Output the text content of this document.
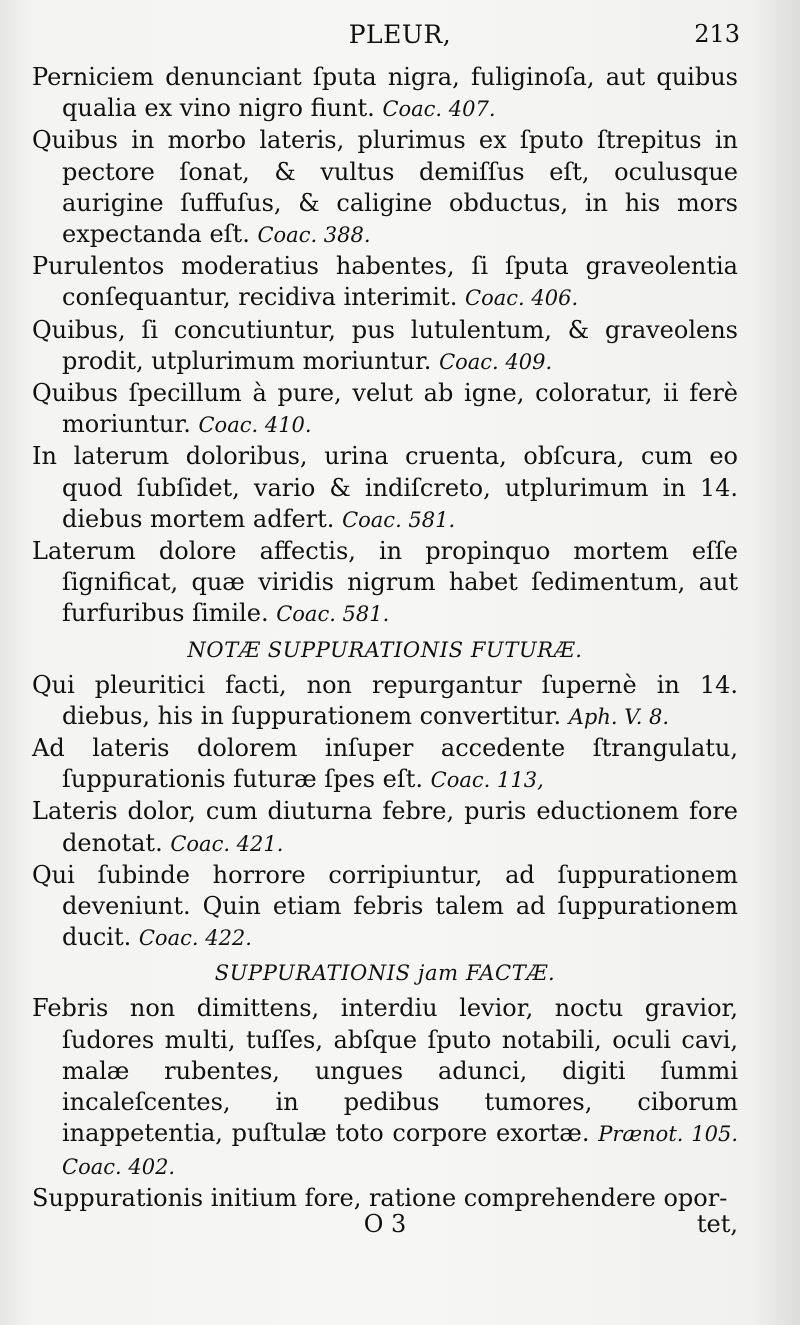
PLEUR,	213

Perniciem denunciant ſputa nigra, fuliginoſa, aut quibus qualia ex vino nigro fiunt. Coac. 407.

Quibus in morbo lateris, plurimus ex ſputo ſtrepitus in pectore ſonat, & vultus demiſſus eſt, oculusque aurigine ſuffuſus, & caligine obductus, in his mors expectanda eſt. Coac. 388.

Purulentos moderatius habentes, ſi ſputa graveolentia conſequantur, recidiva interimit. Coac. 406.

Quibus, ſi concutiuntur, pus lutulentum, & graveolens prodit, utplurimum moriuntur. Coac. 409.

Quibus ſpecillum à pure, velut ab igne, coloratur, ii ferè moriuntur. Coac. 410.

In laterum doloribus, urina cruenta, obſcura, cum eo quod ſubſidet, vario & indiſcreto, utplurimum in 14. diebus mortem adfert. Coac. 581.

Laterum dolore affectis, in propinquo mortem eſſe ſignificat, quæ viridis nigrum habet ſedimentum, aut furfuribus ſimile. Coac. 581.

NOTÆ SUPPURATIONIS FUTURÆ.

Qui pleuritici facti, non repurgantur ſupernè in 14. diebus, his in ſuppurationem convertitur. Aph. V. 8.

Ad lateris dolorem inſuper accedente ſtrangulatu, ſuppurationis futuræ ſpes eſt. Coac. 113,

Lateris dolor, cum diuturna febre, puris eductionem fore denotat. Coac. 421.

Qui ſubinde horrore corripiuntur, ad ſuppurationem deveniunt. Quin etiam febris talem ad ſuppurationem ducit. Coac. 422.

SUPPURATIONIS jam FACTÆ.

Febris non dimittens, interdiu levior, noctu gravior, ſudores multi, tuſſes, abſque ſputo notabili, oculi cavi, malæ rubentes, ungues adunci, digiti ſummi incaleſcentes, in pedibus tumores, ciborum inappetentia, puſtulæ toto corpore exortæ. Prænot. 105. Coac. 402.

Suppurationis initium fore, ratione comprehendere opor-

O 3	tet,
